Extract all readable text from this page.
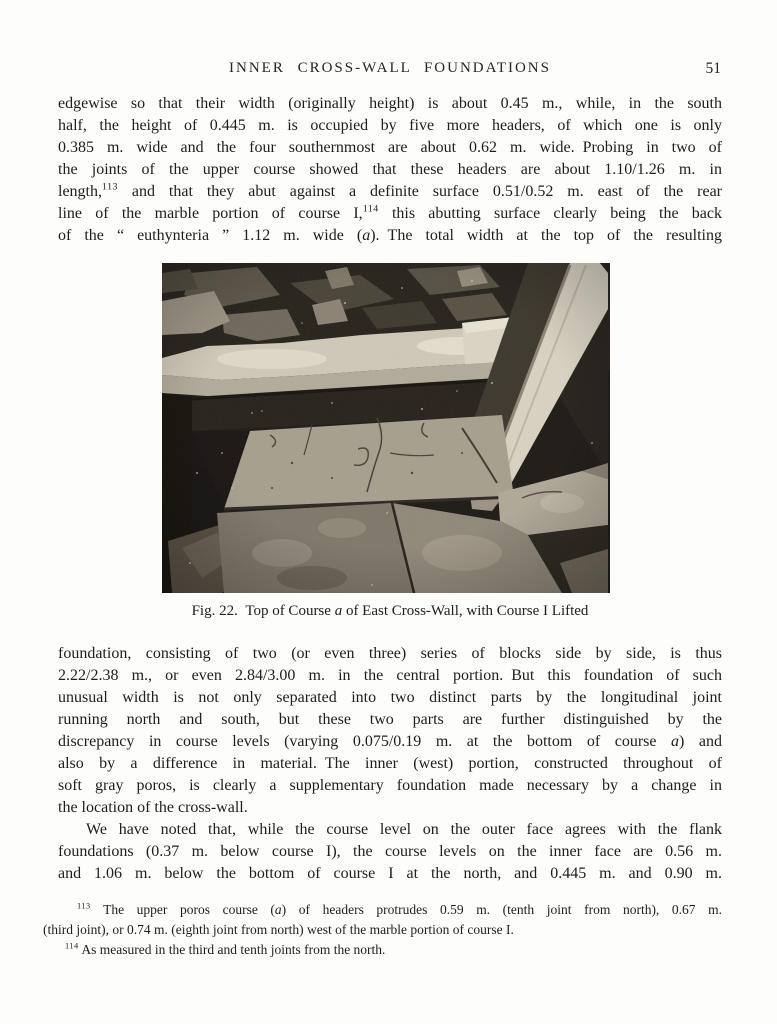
INNER CROSS-WALL FOUNDATIONS	51
edgewise so that their width (originally height) is about 0.45 m., while, in the south
half, the height of 0.445 m. is occupied by five more headers, of which one is only
0.385 m. wide and the four southernmost are about 0.62 m. wide. Probing in two of
the joints of the upper course showed that these headers are about 1.10/1.26 m. in
length,$^{113}$ and that they abut against a definite surface 0.51/0.52 m. east of the rear
line of the marble portion of course I,$^{114}$ this abutting surface clearly being the back
of the “ euthynteria ” 1.12 m. wide (a). The total width at the top of the resulting
Fig. 22. Top of Course a of East Cross-Wall, with Course I Lifted
foundation, consisting of two (or even three) series of blocks side by side, is thus
2.22/2.38 m., or even 2.84/3.00 m. in the central portion. But this foundation of such
unusual width is not only separated into two distinct parts by the longitudinal joint
running north and south, but these two parts are further distinguished by the
discrepancy in course levels (varying 0.075/0.19 m. at the bottom of course a) and
also by a difference in material. The inner (west) portion, constructed throughout of
soft gray poros, is clearly a supplementary foundation made necessary by a change in
the location of the cross-wall.
We have noted that, while the course level on the outer face agrees with the flank
foundations (0.37 m. below course I), the course levels on the inner face are 0.56 m.
and 1.06 m. below the bottom of course I at the north, and 0.445 m. and 0.90 m.
$^{113}$ The upper poros course (a) of headers protrudes 0.59 m. (tenth joint from north), 0.67 m.
(third joint), or 0.74 m. (eighth joint from north) west of the marble portion of course I.
$^{114}$ As measured in the third and tenth joints from the north.
